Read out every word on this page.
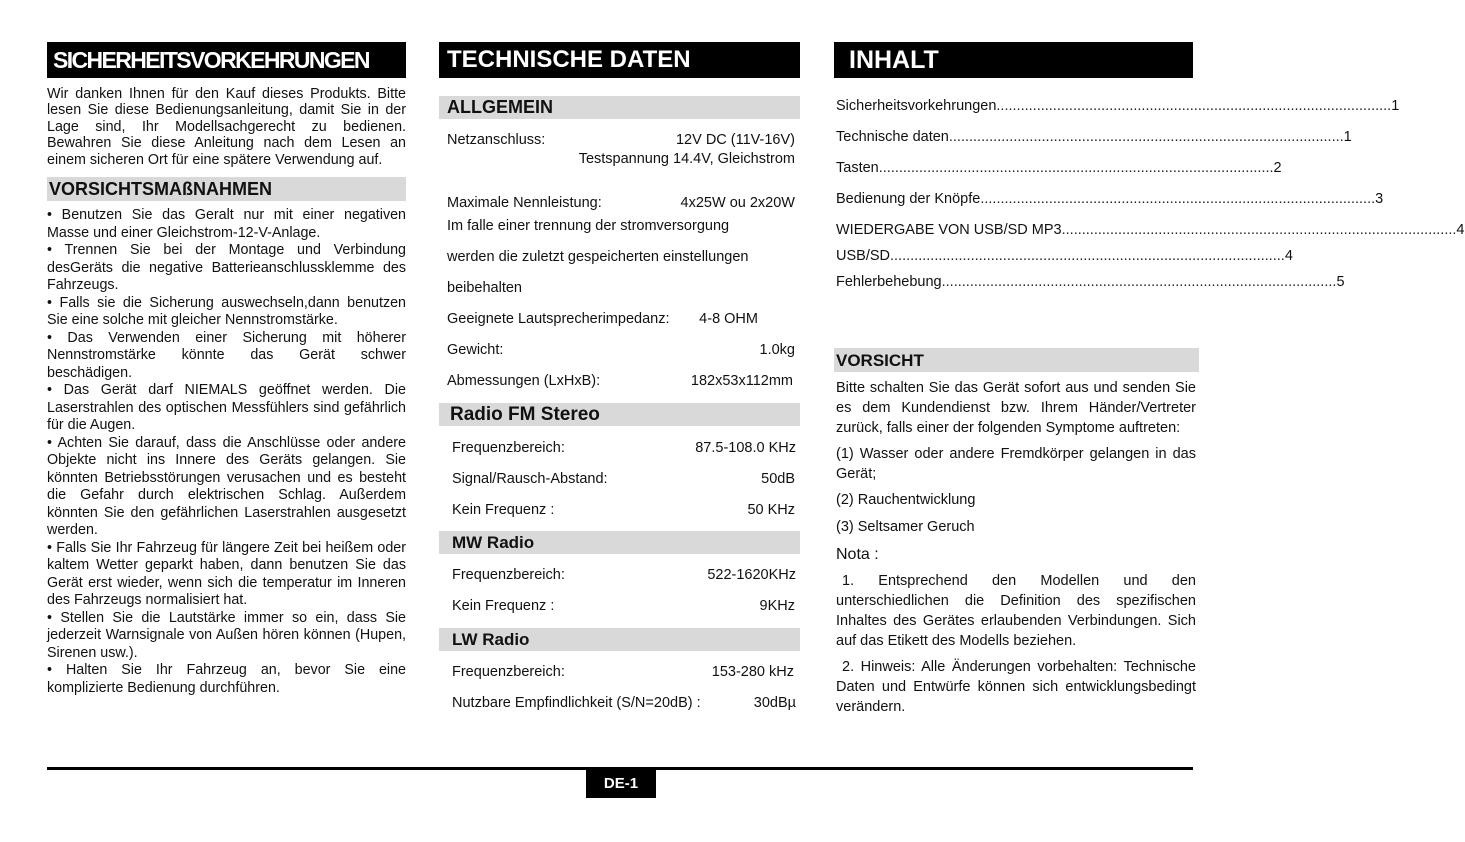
SICHERHEITSVORKEHRUNGEN
Wir danken Ihnen für den Kauf dieses Produkts. Bitte lesen Sie diese Bedienungsanleitung, damit Sie in der Lage sind, Ihr Modellsachgerecht zu bedienen. Bewahren Sie diese Anleitung nach dem Lesen an einem sicheren Ort für eine spätere Verwendung auf.
VORSICHTSMAßNAHMEN
• Benutzen Sie das Geralt nur mit einer negativen Masse und einer Gleichstrom-12-V-Anlage.
• Trennen Sie bei der Montage und Verbindung desGeräts die negative Batterieanschlussklemme des Fahrzeugs.
• Falls sie die Sicherung auswechseln,dann benutzen Sie eine solche mit gleicher Nennstromstärke.
• Das Verwenden einer Sicherung mit höherer Nennstromstärke könnte das Gerät schwer beschädigen.
• Das Gerät darf NIEMALS geöffnet werden. Die Laserstrahlen des optischen Messfühlers sind gefährlich für die Augen.
• Achten Sie darauf, dass die Anschlüsse oder andere Objekte nicht ins Innere des Geräts gelangen. Sie könnten Betriebsstörungen verusachen und es besteht die Gefahr durch elektrischen Schlag. Außerdem könnten Sie den gefährlichen Laserstrahlen ausgesetzt werden.
• Falls Sie Ihr Fahrzeug für längere Zeit bei heißem oder kaltem Wetter geparkt haben, dann benutzen Sie das Gerät erst wieder, wenn sich die temperatur im Inneren des Fahrzeugs normalisiert hat.
• Stellen Sie die Lautstärke immer so ein, dass Sie jederzeit Warnsignale von Außen hören können (Hupen, Sirenen usw.).
• Halten Sie Ihr Fahrzeug an, bevor Sie eine komplizierte Bedienung durchführen.
TECHNISCHE DATEN
ALLGEMEIN
Netzanschluss:	12V DC (11V-16V)
Testspannung 14.4V, Gleichstrom
Maximale Nennleistung:	4x25W ou 2x20W
Im falle einer trennung der stromversorgung
werden die zuletzt gespeicherten einstellungen
beibehalten
Geeignete Lautsprecherimpedanz: 4-8 OHM
Gewicht:	1.0kg
Abmessungen (LxHxB):	182x53x112mm
Radio FM Stereo
Frequenzbereich:	87.5-108.0 KHz
Signal/Rausch-Abstand:	50dB
Kein Frequenz :	50 KHz
MW Radio
Frequenzbereich:	522-1620KHz
Kein Frequenz :	9KHz
LW Radio
Frequenzbereich:	153-280 kHz
Nutzbare Empfindlichkeit (S/N=20dB) :	30dBµ
INHALT
Sicherheitsvorkehrungen .................................................................................................. 1
Technische daten .................................................................................................. 1
Tasten .................................................................................................. 2
Bedienung der Knöpfe .................................................................................................. 3
WIEDERGABE VON USB/SD MP3 .................................................................................................. 4
USB/SD .................................................................................................. 4
Fehlerbehebung .................................................................................................. 5
VORSICHT
Bitte schalten Sie das Gerät sofort aus und senden Sie es dem Kundendienst bzw. Ihrem Händer/Vertreter zurück, falls einer der folgenden Symptome auftreten:
(1) Wasser oder andere Fremdkörper gelangen in das Gerät;
(2) Rauchentwicklung
(3) Seltsamer Geruch
Nota :
1. Entsprechend den Modellen und den unterschiedlichen die Definition des spezifischen Inhaltes des Gerätes erlaubenden Verbindungen. Sich auf das Etikett des Modells beziehen.
2. Hinweis: Alle Änderungen vorbehalten: Technische Daten und Entwürfe können sich entwicklungsbedingt verändern.
DE-1
